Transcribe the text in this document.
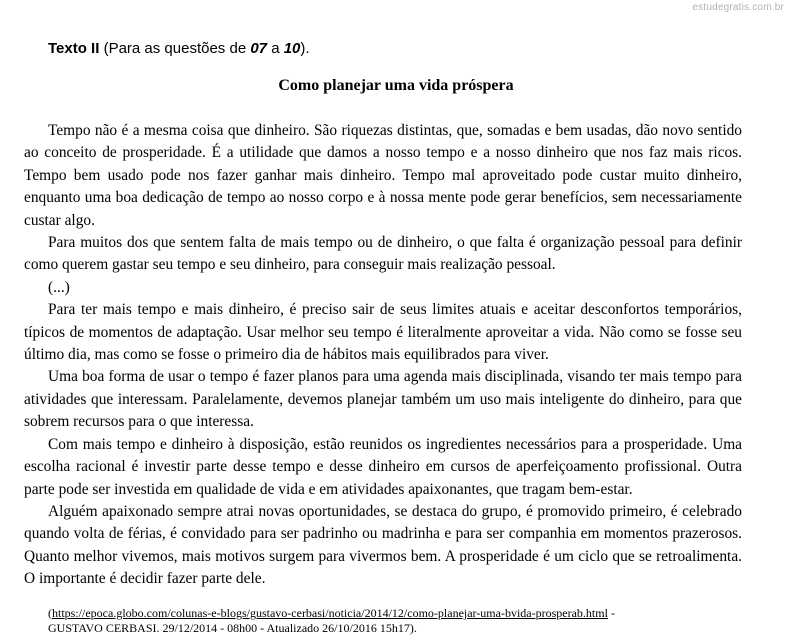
estudegratis.com.br
Texto II (Para as questões de 07 a 10).
Como planejar uma vida próspera

Tempo não é a mesma coisa que dinheiro. São riquezas distintas, que, somadas e bem usadas, dão novo sentido ao conceito de prosperidade. É a utilidade que damos a nosso tempo e a nosso dinheiro que nos faz mais ricos. Tempo bem usado pode nos fazer ganhar mais dinheiro. Tempo mal aproveitado pode custar muito dinheiro, enquanto uma boa dedicação de tempo ao nosso corpo e à nossa mente pode gerar benefícios, sem necessariamente custar algo.

Para muitos dos que sentem falta de mais tempo ou de dinheiro, o que falta é organização pessoal para definir como querem gastar seu tempo e seu dinheiro, para conseguir mais realização pessoal.

(...)

Para ter mais tempo e mais dinheiro, é preciso sair de seus limites atuais e aceitar desconfortos temporários, típicos de momentos de adaptação. Usar melhor seu tempo é literalmente aproveitar a vida. Não como se fosse seu último dia, mas como se fosse o primeiro dia de hábitos mais equilibrados para viver.

Uma boa forma de usar o tempo é fazer planos para uma agenda mais disciplinada, visando ter mais tempo para atividades que interessam. Paralelamente, devemos planejar também um uso mais inteligente do dinheiro, para que sobrem recursos para o que interessa.

Com mais tempo e dinheiro à disposição, estão reunidos os ingredientes necessários para a prosperidade. Uma escolha racional é investir parte desse tempo e desse dinheiro em cursos de aperfeiçoamento profissional. Outra parte pode ser investida em qualidade de vida e em atividades apaixonantes, que tragam bem-estar.

Alguém apaixonado sempre atrai novas oportunidades, se destaca do grupo, é promovido primeiro, é celebrado quando volta de férias, é convidado para ser padrinho ou madrinha e para ser companhia em momentos prazerosos. Quanto melhor vivemos, mais motivos surgem para vivermos bem. A prosperidade é um ciclo que se retroalimenta. O importante é decidir fazer parte dele.

(https://epoca.globo.com/colunas-e-blogs/gustavo-cerbasi/noticia/2014/12/como-planejar-uma-bvida-prosperab.html -
GUSTAVO CERBASI. 29/12/2014 - 08h00 - Atualizado 26/10/2016 15h17).
